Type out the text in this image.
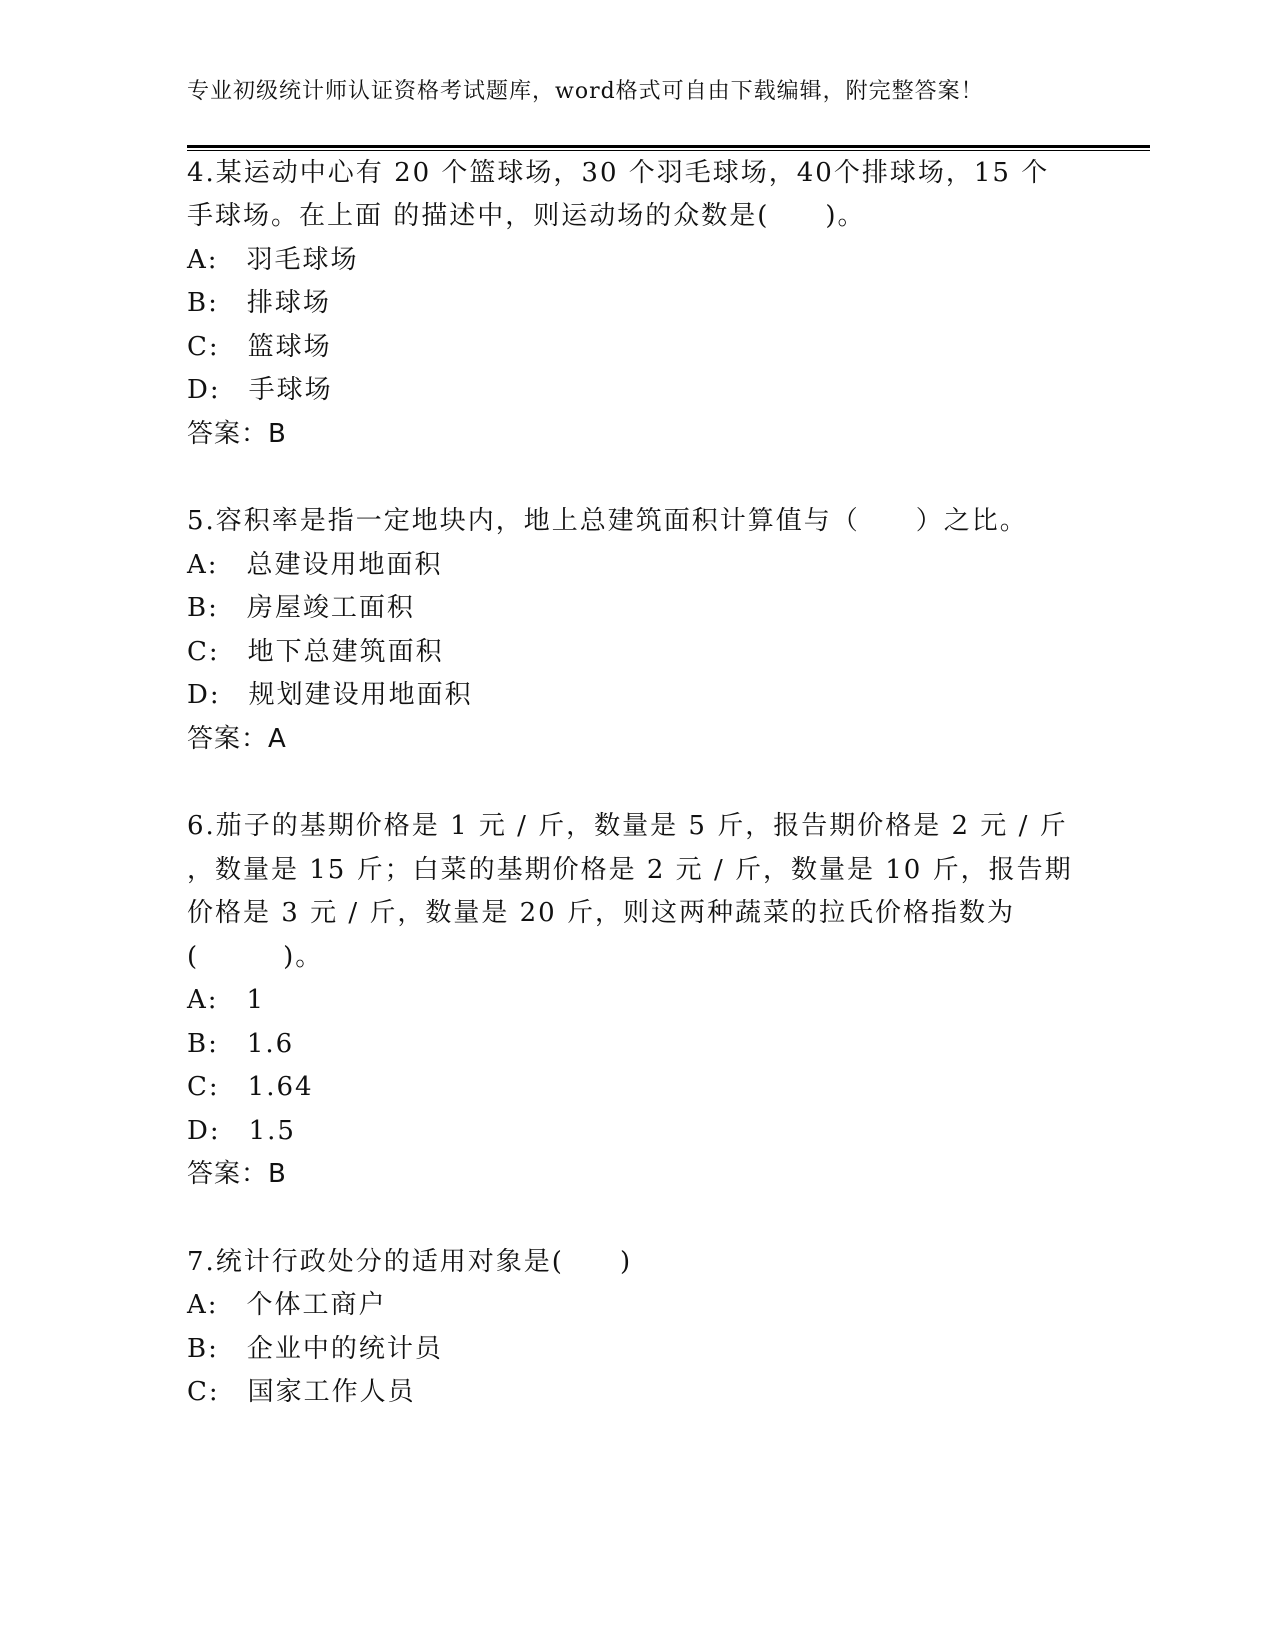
专业初级统计师认证资格考试题库，word格式可自由下载编辑，附完整答案！
4.某运动中心有 20 个篮球场，30 个羽毛球场，40个排球场，15 个
手球场。在上面 的描述中，则运动场的众数是(　　)。
A:　羽毛球场
B:　排球场
C:　篮球场
D:　手球场
答案：B
5.容积率是指一定地块内，地上总建筑面积计算值与（　　）之比。
A:　总建设用地面积
B:　房屋竣工面积
C:　地下总建筑面积
D:　规划建设用地面积
答案：A
6.茄子的基期价格是 1 元 / 斤，数量是 5 斤，报告期价格是 2 元 / 斤
，数量是 15 斤；白菜的基期价格是 2 元 / 斤，数量是 10 斤，报告期
价格是 3 元 / 斤，数量是 20 斤，则这两种蔬菜的拉氏价格指数为
(　　　)。
A:　1
B:　1.6
C:　1.64
D:　1.5
答案：B
7.统计行政处分的适用对象是(　　)
A:　个体工商户
B:　企业中的统计员
C:　国家工作人员
